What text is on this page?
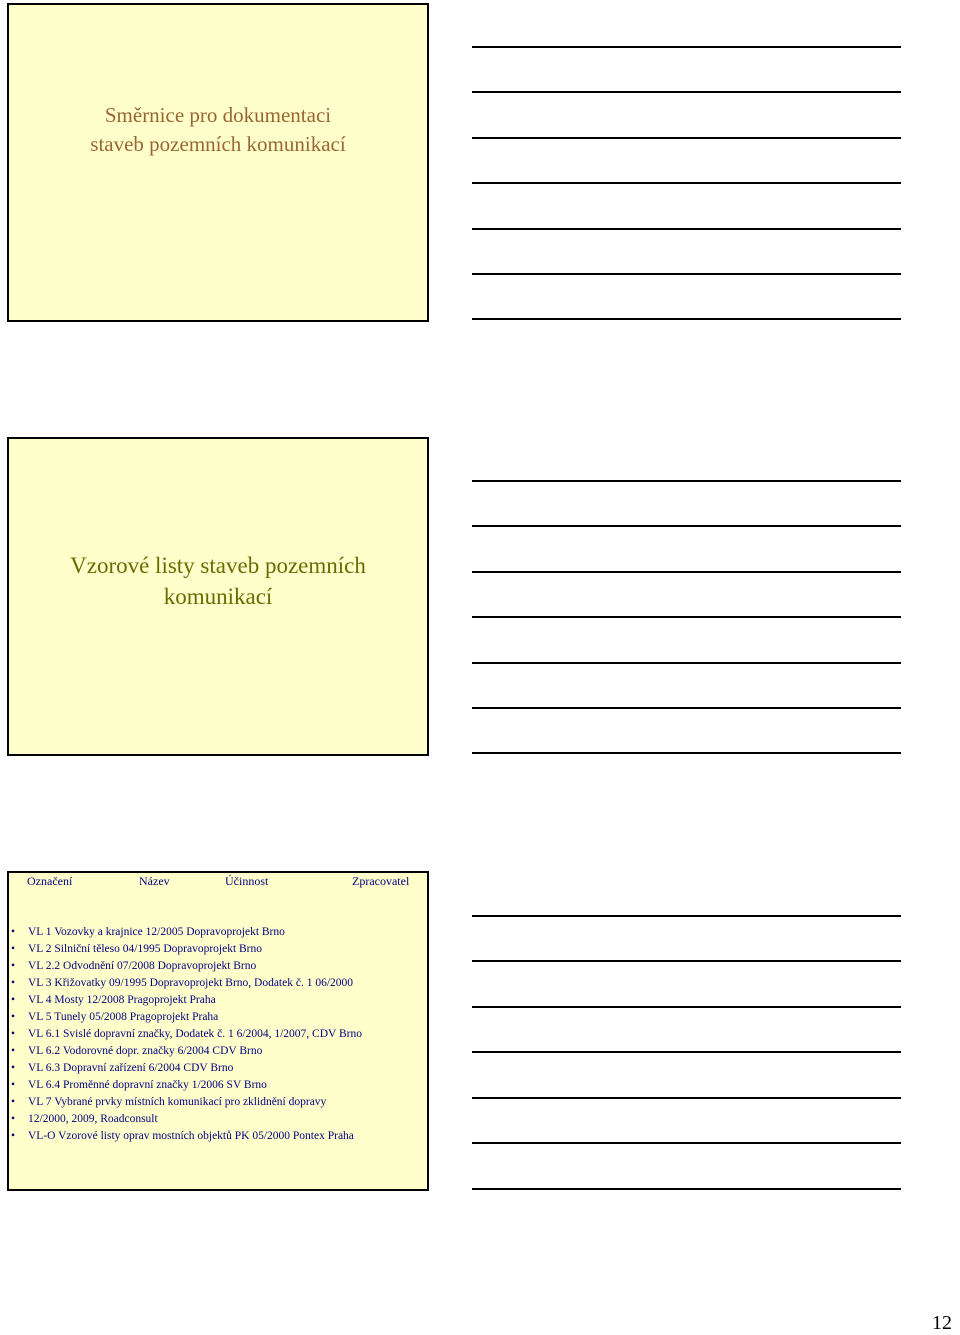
Směrnice pro dokumentaci
staveb pozemních komunikací
Vzorové listy staveb pozemních
komunikací
Označení	Název	Účinnost	Zpracovatel
• VL 1 Vozovky a krajnice 12/2005 Dopravoprojekt Brno
• VL 2 Silniční těleso 04/1995 Dopravoprojekt Brno
• VL 2.2 Odvodnění 07/2008 Dopravoprojekt Brno
• VL 3 Křižovatky 09/1995 Dopravoprojekt Brno, Dodatek č. 1 06/2000
• VL 4 Mosty 12/2008 Pragoprojekt Praha
• VL 5 Tunely 05/2008 Pragoprojekt Praha
• VL 6.1 Svislé dopravní značky, Dodatek č. 1 6/2004, 1/2007, CDV Brno
• VL 6.2 Vodorovné dopr. značky 6/2004 CDV Brno
• VL 6.3 Dopravní zařízení 6/2004 CDV Brno
• VL 6.4 Proměnné dopravní značky 1/2006 SV Brno
• VL 7 Vybrané prvky místních komunikací pro zklidnění dopravy
• 12/2000, 2009, Roadconsult
• VL-O Vzorové listy oprav mostních objektů PK 05/2000 Pontex Praha
12
